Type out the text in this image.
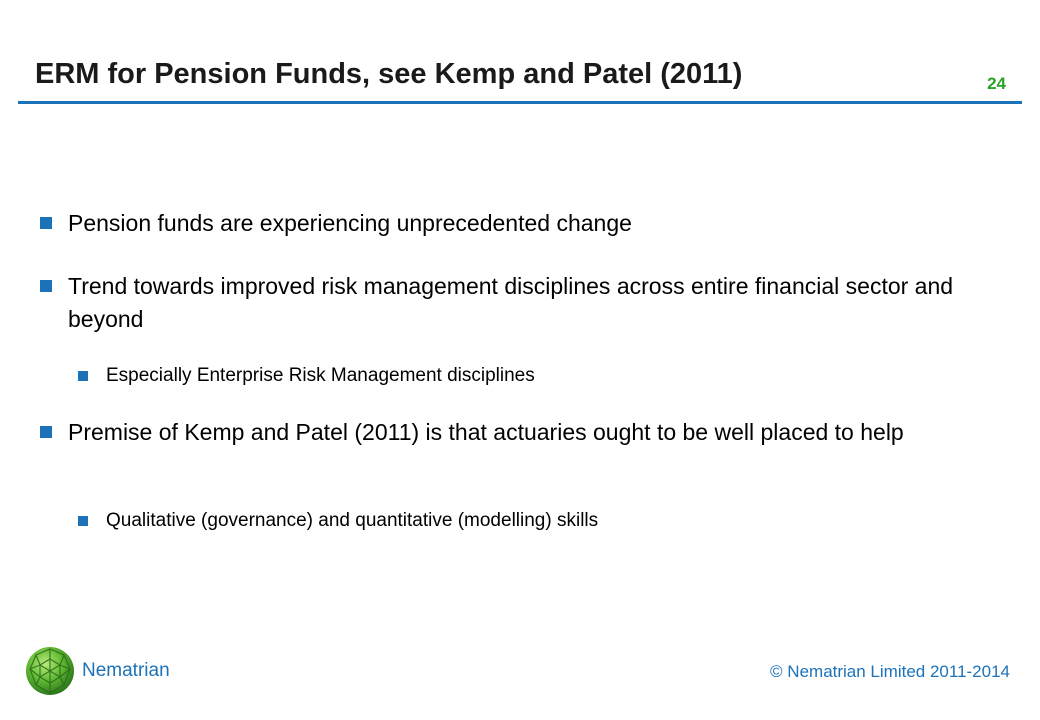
ERM for Pension Funds, see Kemp and Patel (2011)	24
Pension funds are experiencing unprecedented change
Trend towards improved risk management disciplines across entire financial sector and beyond
Especially Enterprise Risk Management disciplines
Premise of Kemp and Patel (2011) is that actuaries ought to be well placed to help
Qualitative (governance) and quantitative (modelling) skills
Nematrian	© Nematrian Limited 2011-2014
